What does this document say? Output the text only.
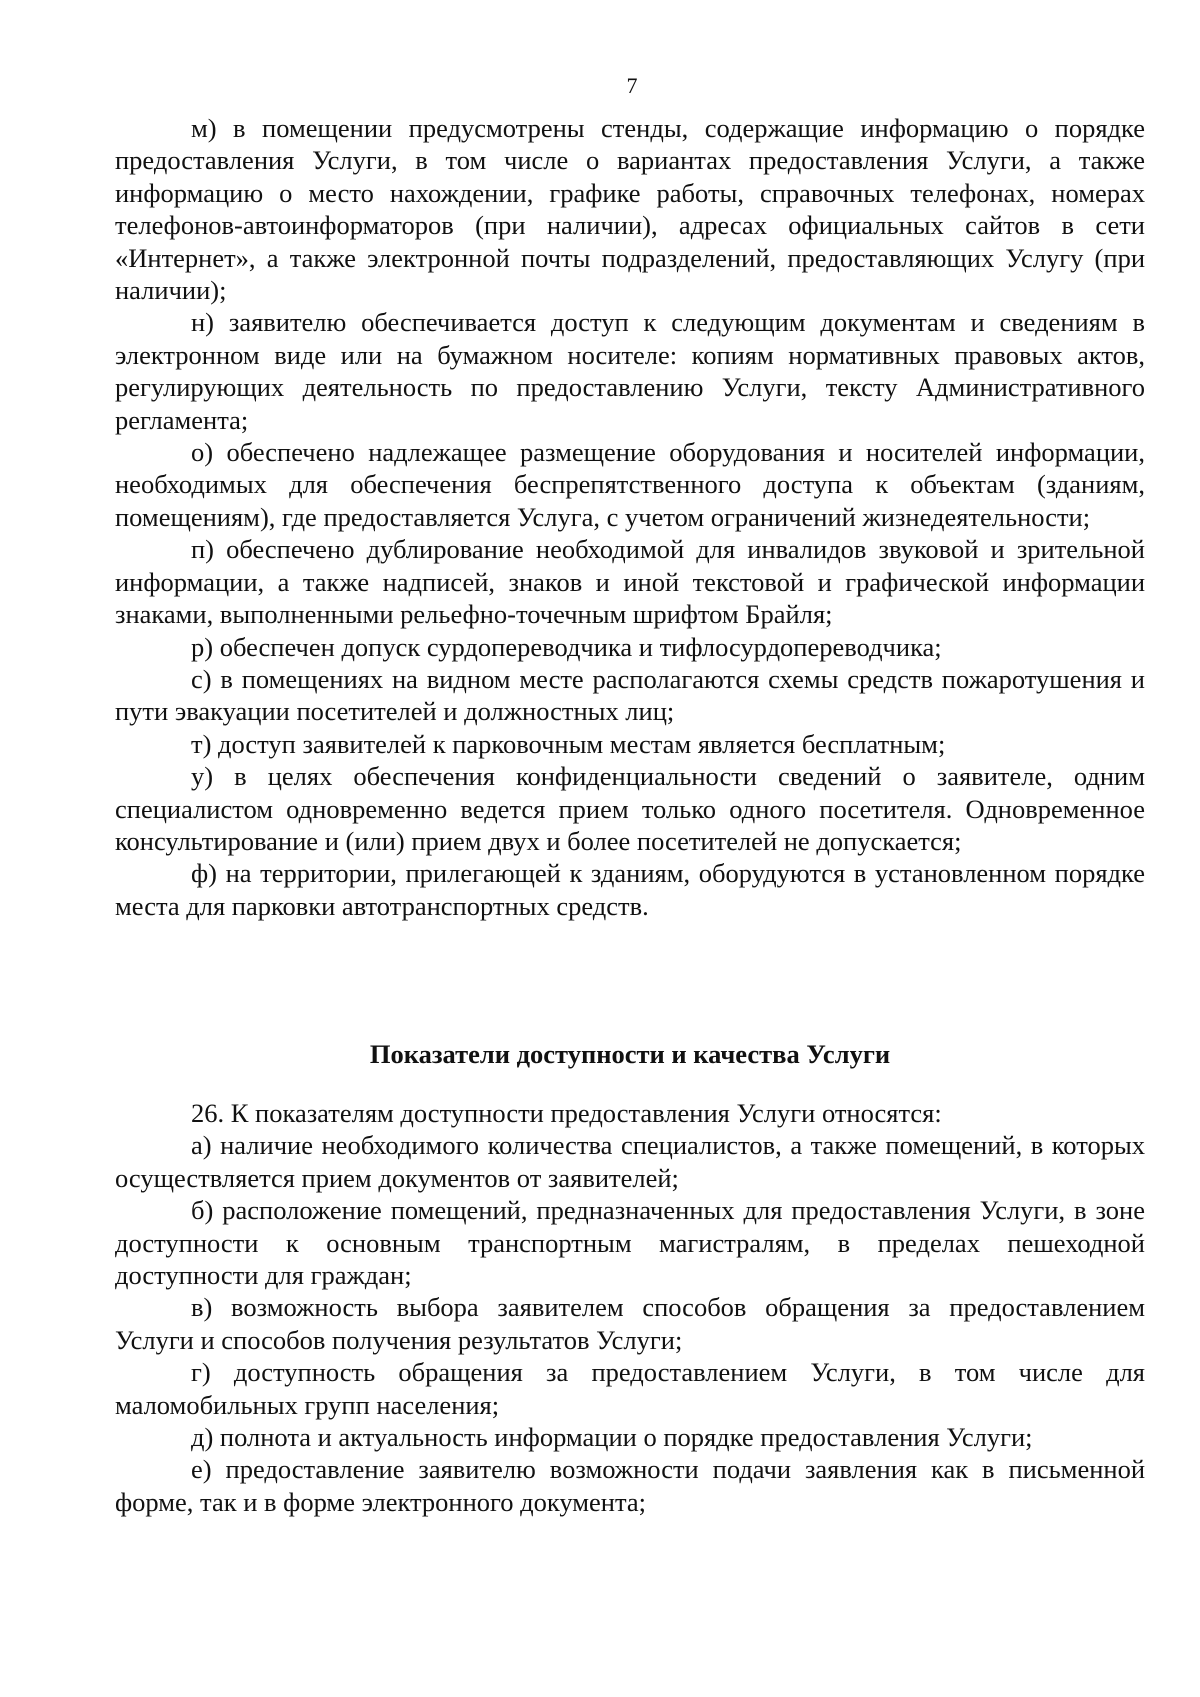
7

м) в помещении предусмотрены стенды, содержащие информацию о порядке предоставления Услуги, в том числе о вариантах предоставления Услуги, а также информацию о место нахождении, графике работы, справочных телефонах, номерах телефонов-автоинформаторов (при наличии), адресах официальных сайтов в сети «Интернет», а также электронной почты подразделений, предоставляющих Услугу (при наличии);

н) заявителю обеспечивается доступ к следующим документам и сведениям в электронном виде или на бумажном носителе: копиям нормативных правовых актов, регулирующих деятельность по предоставлению Услуги, тексту Административного регламента;

о) обеспечено надлежащее размещение оборудования и носителей информации, необходимых для обеспечения беспрепятственного доступа к объектам (зданиям, помещениям), где предоставляется Услуга, с учетом ограничений жизнедеятельности;

п) обеспечено дублирование необходимой для инвалидов звуковой и зрительной информации, а также надписей, знаков и иной текстовой и графической информации знаками, выполненными рельефно-точечным шрифтом Брайля;

р) обеспечен допуск сурдопереводчика и тифлосурдопереводчика;

с) в помещениях на видном месте располагаются схемы средств пожаротушения и пути эвакуации посетителей и должностных лиц;

т) доступ заявителей к парковочным местам является бесплатным;

у) в целях обеспечения конфиденциальности сведений о заявителе, одним специалистом одновременно ведется прием только одного посетителя. Одновременное консультирование и (или) прием двух и более посетителей не допускается;

ф) на территории, прилегающей к зданиям, оборудуются в установленном порядке места для парковки автотранспортных средств.

Показатели доступности и качества Услуги

26. К показателям доступности предоставления Услуги относятся:

а) наличие необходимого количества специалистов, а также помещений, в которых осуществляется прием документов от заявителей;

б) расположение помещений, предназначенных для предоставления Услуги, в зоне доступности к основным транспортным магистралям, в пределах пешеходной доступности для граждан;

в) возможность выбора заявителем способов обращения за предоставлением Услуги и способов получения результатов Услуги;

г) доступность обращения за предоставлением Услуги, в том числе для маломобильных групп населения;

д) полнота и актуальность информации о порядке предоставления Услуги;

е) предоставление заявителю возможности подачи заявления как в письменной форме, так и в форме электронного документа;
